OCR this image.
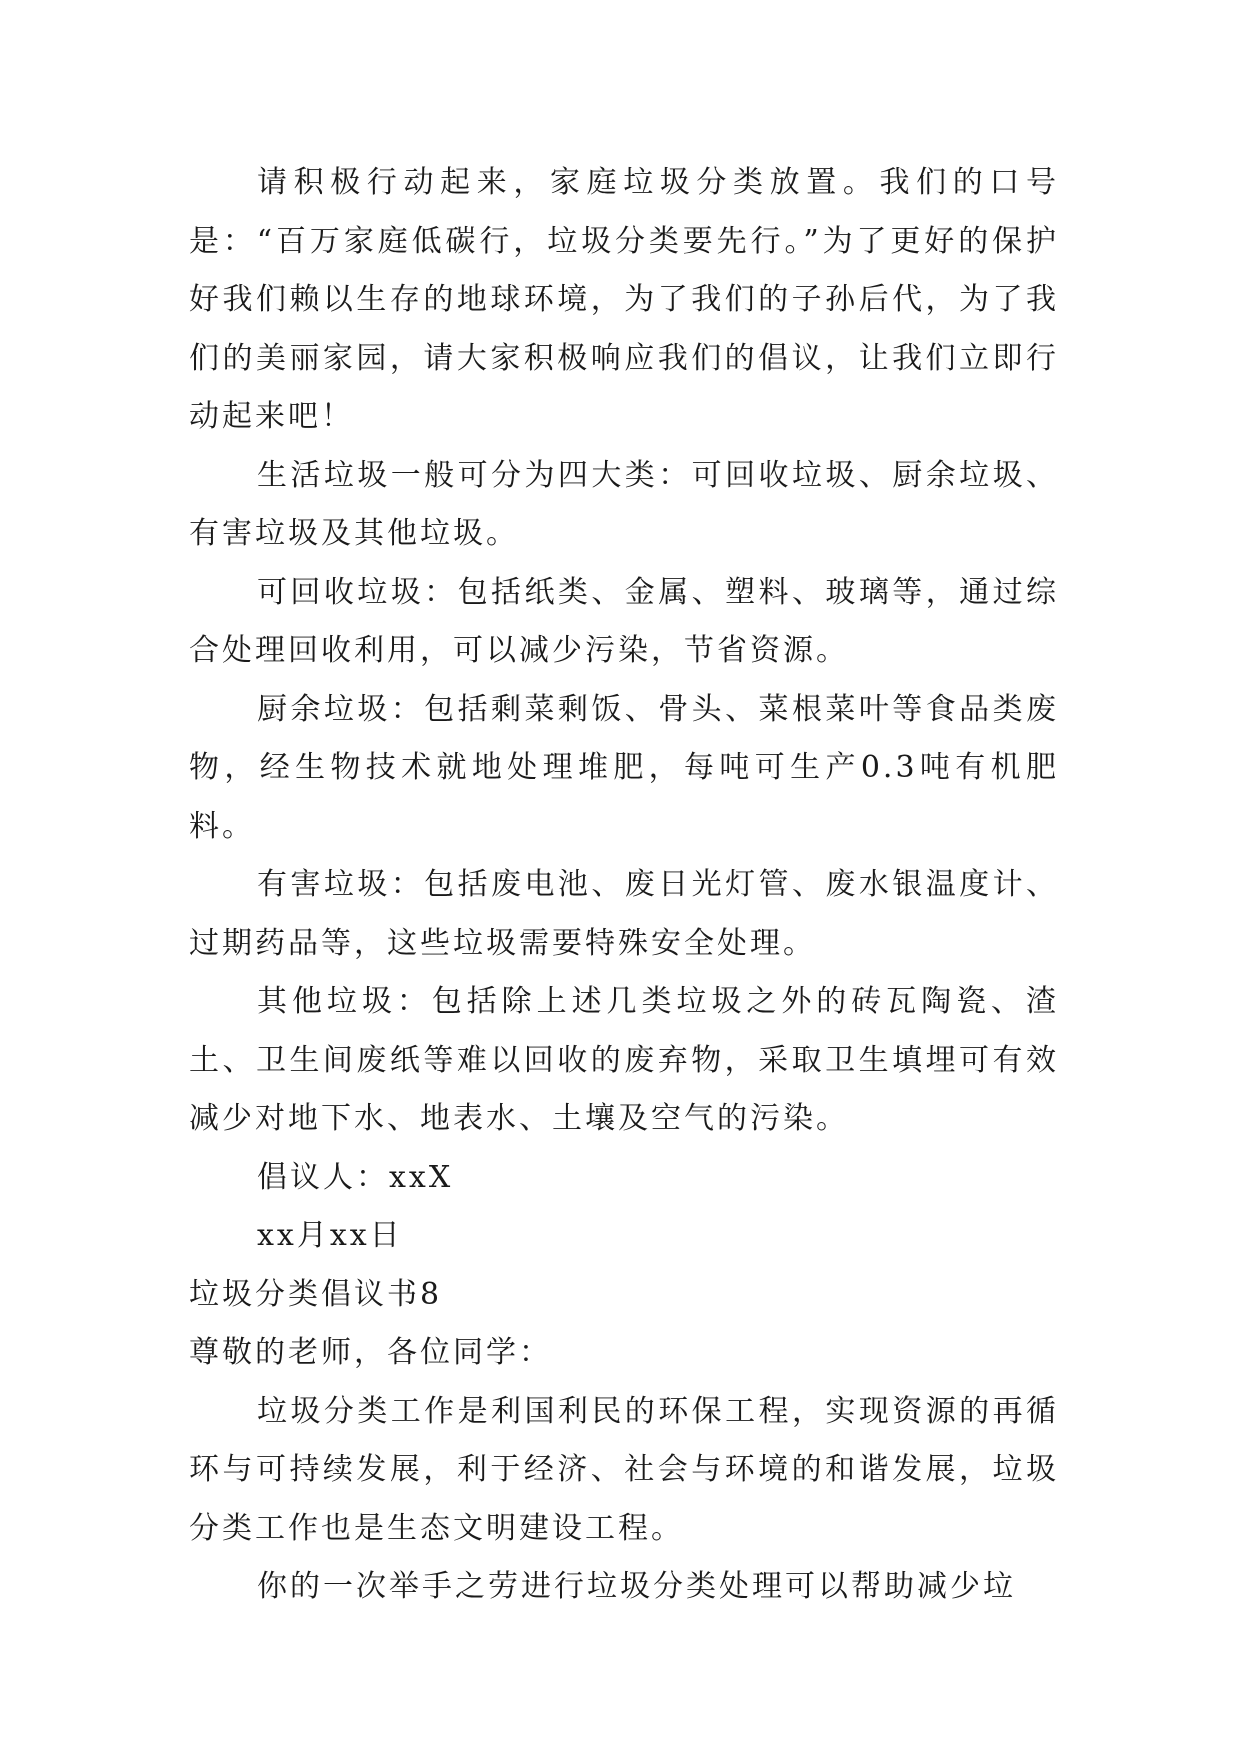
请积极行动起来，家庭垃圾分类放置。我们的口号是：“百万家庭低碳行，垃圾分类要先行。”为了更好的保护好我们赖以生存的地球环境，为了我们的子孙后代，为了我们的美丽家园，请大家积极响应我们的倡议，让我们立即行动起来吧！

生活垃圾一般可分为四大类：可回收垃圾、厨余垃圾、有害垃圾及其他垃圾。

可回收垃圾：包括纸类、金属、塑料、玻璃等，通过综合处理回收利用，可以减少污染，节省资源。

厨余垃圾：包括剩菜剩饭、骨头、菜根菜叶等食品类废物，经生物技术就地处理堆肥，每吨可生产0.3吨有机肥料。

有害垃圾：包括废电池、废日光灯管、废水银温度计、过期药品等，这些垃圾需要特殊安全处理。

其他垃圾：包括除上述几类垃圾之外的砖瓦陶瓷、渣土、卫生间废纸等难以回收的废弃物，采取卫生填埋可有效减少对地下水、地表水、土壤及空气的污染。

倡议人：xxX

xx月xx日

垃圾分类倡议书8

尊敬的老师，各位同学：

垃圾分类工作是利国利民的环保工程，实现资源的再循环与可持续发展，利于经济、社会与环境的和谐发展，垃圾分类工作也是生态文明建设工程。

你的一次举手之劳进行垃圾分类处理可以帮助减少垃
